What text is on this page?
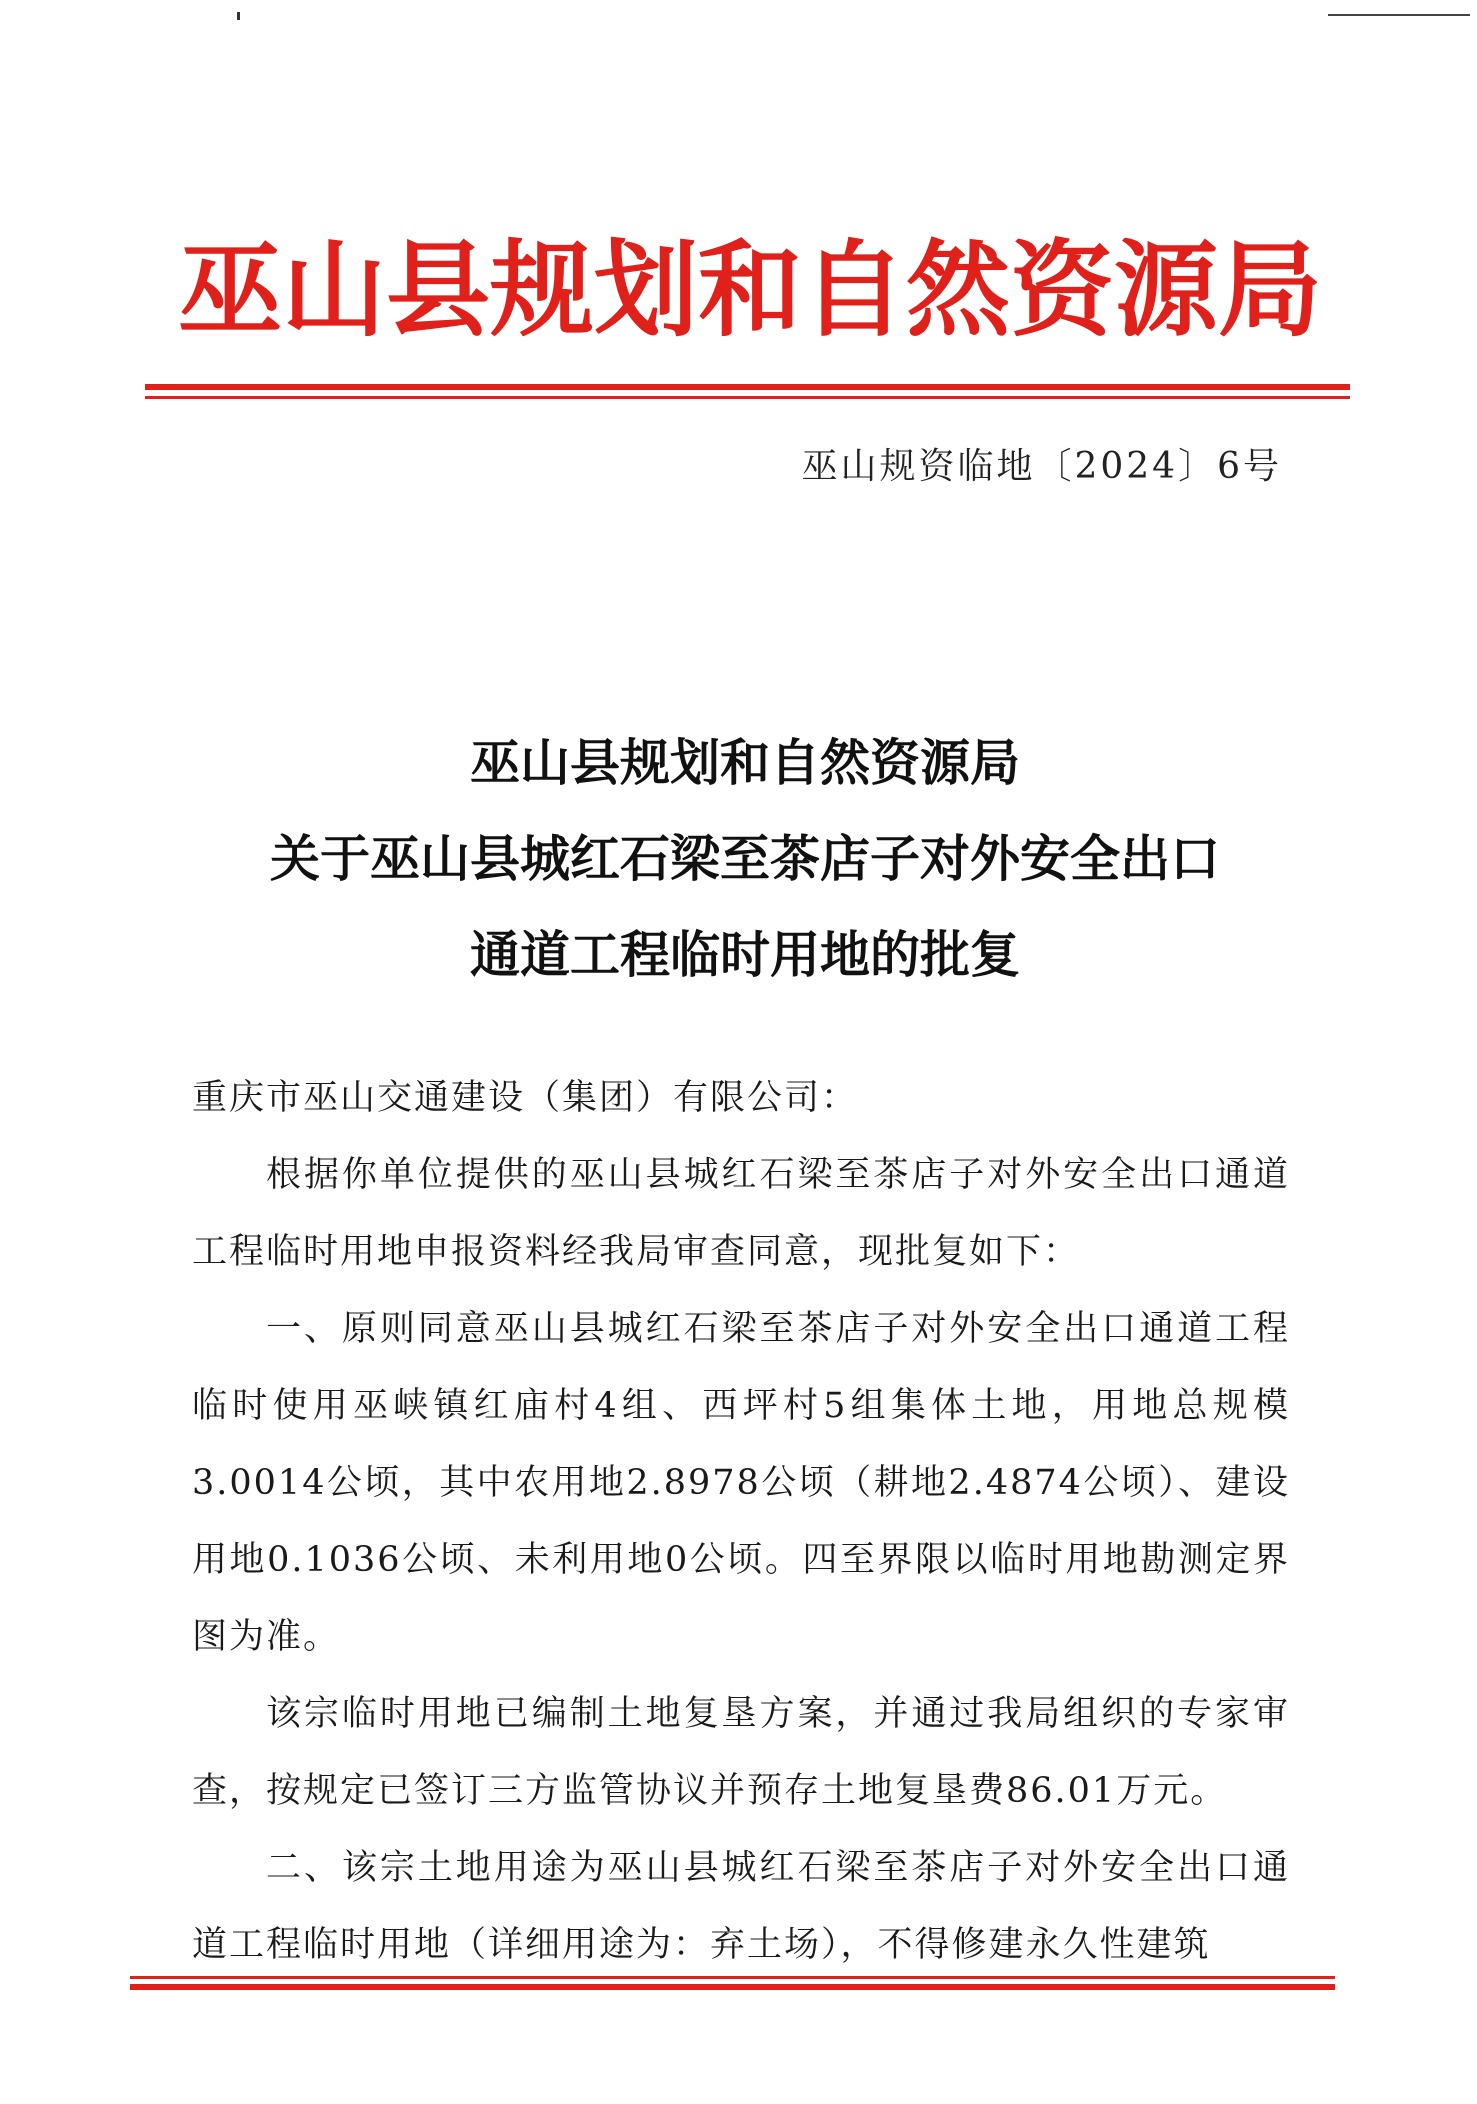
巫山县规划和自然资源局
巫山规资临地〔2024〕6号
巫山县规划和自然资源局
关于巫山县城红石梁至茶店子对外安全出口
通道工程临时用地的批复

重庆市巫山交通建设（集团）有限公司：

根据你单位提供的巫山县城红石梁至茶店子对外安全出口通道工程临时用地申报资料经我局审查同意，现批复如下：

一、原则同意巫山县城红石梁至茶店子对外安全出口通道工程临时使用巫峡镇红庙村4组、西坪村5组集体土地，用地总规模3.0014公顷，其中农用地2.8978公顷（耕地2.4874公顷）、建设用地0.1036公顷、未利用地0公顷。四至界限以临时用地勘测定界图为准。

该宗临时用地已编制土地复垦方案，并通过我局组织的专家审查，按规定已签订三方监管协议并预存土地复垦费86.01万元。

二、该宗土地用途为巫山县城红石梁至茶店子对外安全出口通道工程临时用地（详细用途为：弃土场），不得修建永久性建筑
